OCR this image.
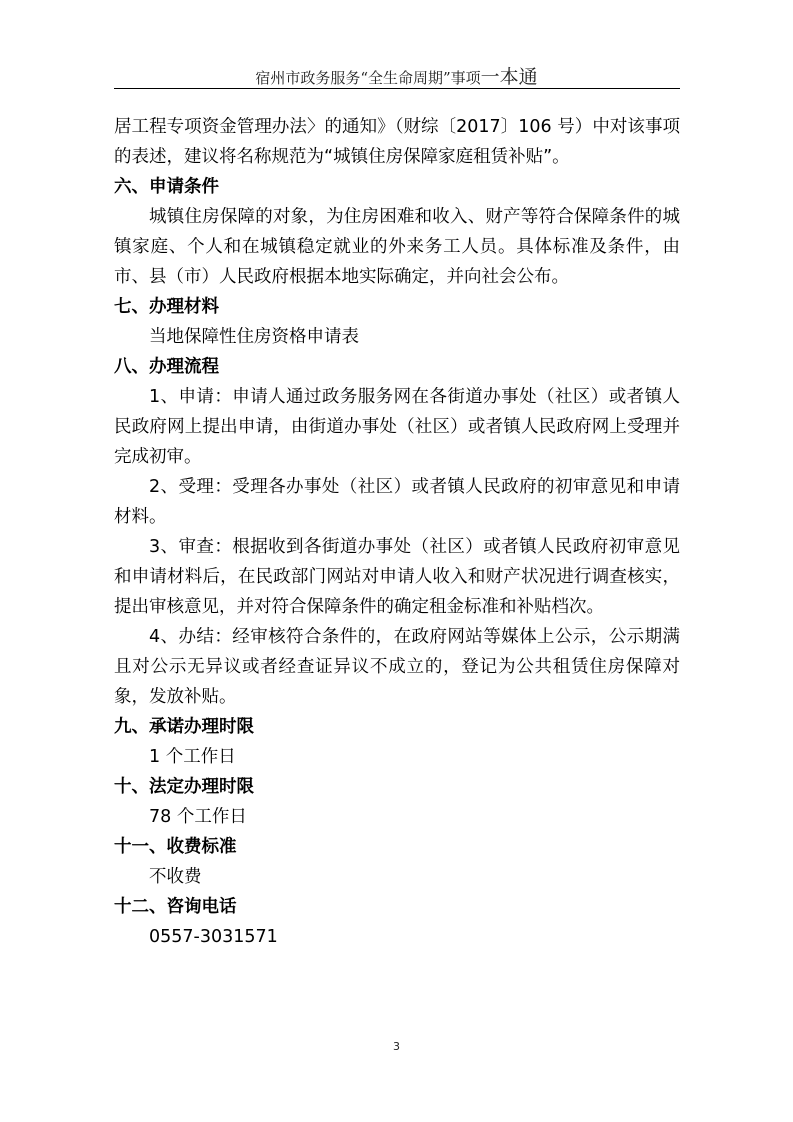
宿州市政务服务“全生命周期”事项一本通

居工程专项资金管理办法〉的通知》（财综〔2017〕106 号）中对该事项的表述，建议将名称规范为“城镇住房保障家庭租赁补贴”。

六、申请条件

城镇住房保障的对象，为住房困难和收入、财产等符合保障条件的城镇家庭、个人和在城镇稳定就业的外来务工人员。具体标准及条件，由市、县（市）人民政府根据本地实际确定，并向社会公布。

七、办理材料

当地保障性住房资格申请表

八、办理流程

1、申请：申请人通过政务服务网在各街道办事处（社区）或者镇人民政府网上提出申请，由街道办事处（社区）或者镇人民政府网上受理并完成初审。

2、受理：受理各办事处（社区）或者镇人民政府的初审意见和申请材料。

3、审查：根据收到各街道办事处（社区）或者镇人民政府初审意见和申请材料后，在民政部门网站对申请人收入和财产状况进行调查核实，提出审核意见，并对符合保障条件的确定租金标准和补贴档次。

4、办结：经审核符合条件的，在政府网站等媒体上公示，公示期满且对公示无异议或者经查证异议不成立的，登记为公共租赁住房保障对象，发放补贴。

九、承诺办理时限

1 个工作日

十、法定办理时限

78 个工作日

十一、收费标准

不收费

十二、咨询电话

0557-3031571

3
